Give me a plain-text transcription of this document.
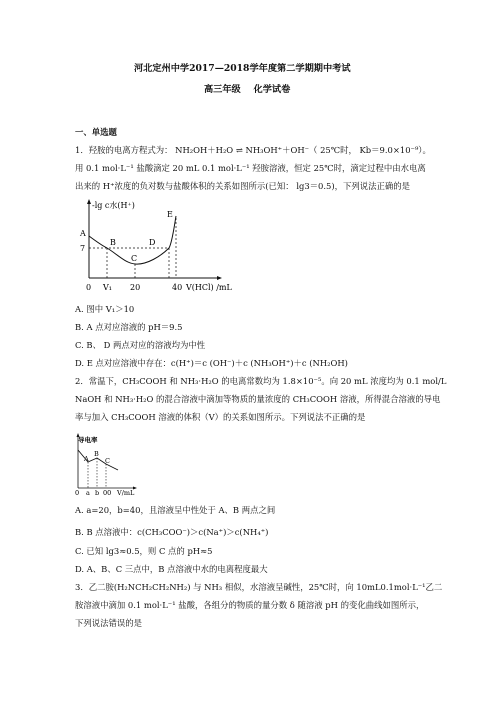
河北定州中学2017—2018学年度第二学期期中考试
高三年级    化学试卷
一、单选题
1．羟胺的电离方程式为： NH₂OH＋H₂O ⇌ NH₃OH⁺＋OH⁻（ 25℃时， Kb＝9.0×10⁻⁹）。
用 0.1 mol·L⁻¹ 盐酸滴定 20 mL 0.1 mol·L⁻¹ 羟胺溶液，恒定 25℃时，滴定过程中由水电离
出来的 H⁺浓度的负对数与盐酸体积的关系如图所示(已知： lg3＝0.5)，下列说法正确的是
-lg c水(H⁺)
A
7
B
C
D
E
0 V₁ 20	40 V(HCl) /mL
A. 图中 V₁＞10
B. A 点对应溶液的 pH＝9.5
C. B、 D 两点对应的溶液均为中性
D. E 点对应溶液中存在：c(H⁺)＝c (OH⁻)＋c (NH₃OH⁺)＋c (NH₂OH)
2．常温下，CH₃COOH 和 NH₃·H₂O 的电离常数均为 1.8×10⁻⁵。向 20 mL 浓度均为 0.1 mol/L
NaOH 和 NH₃·H₂O 的混合溶液中滴加等物质的量浓度的 CH₃COOH 溶液，所得混合溶液的导电
率与加入 CH₃COOH 溶液的体积（V）的关系如图所示。下列说法不正确的是
导电率
A
B
C
0 a b 00 V/mL
A. a=20，b=40，且溶液呈中性处于 A、B 两点之间
B. B 点溶液中：c(CH₃COO⁻)＞c(Na⁺)＞c(NH₄⁺)
C. 已知 lg3≈0.5，则 C 点的 pH≈5
D. A、B、C 三点中，B 点溶液中水的电离程度最大
3．乙二胺(H₂NCH₂CH₂NH₂) 与 NH₃ 相似，水溶液呈碱性，25℃时，向 10mL0.1mol·L⁻¹乙二
胺溶液中滴加 0.1 mol·L⁻¹ 盐酸，各组分的物质的量分数 δ 随溶液 pH 的变化曲线如图所示，
下列说法错误的是
